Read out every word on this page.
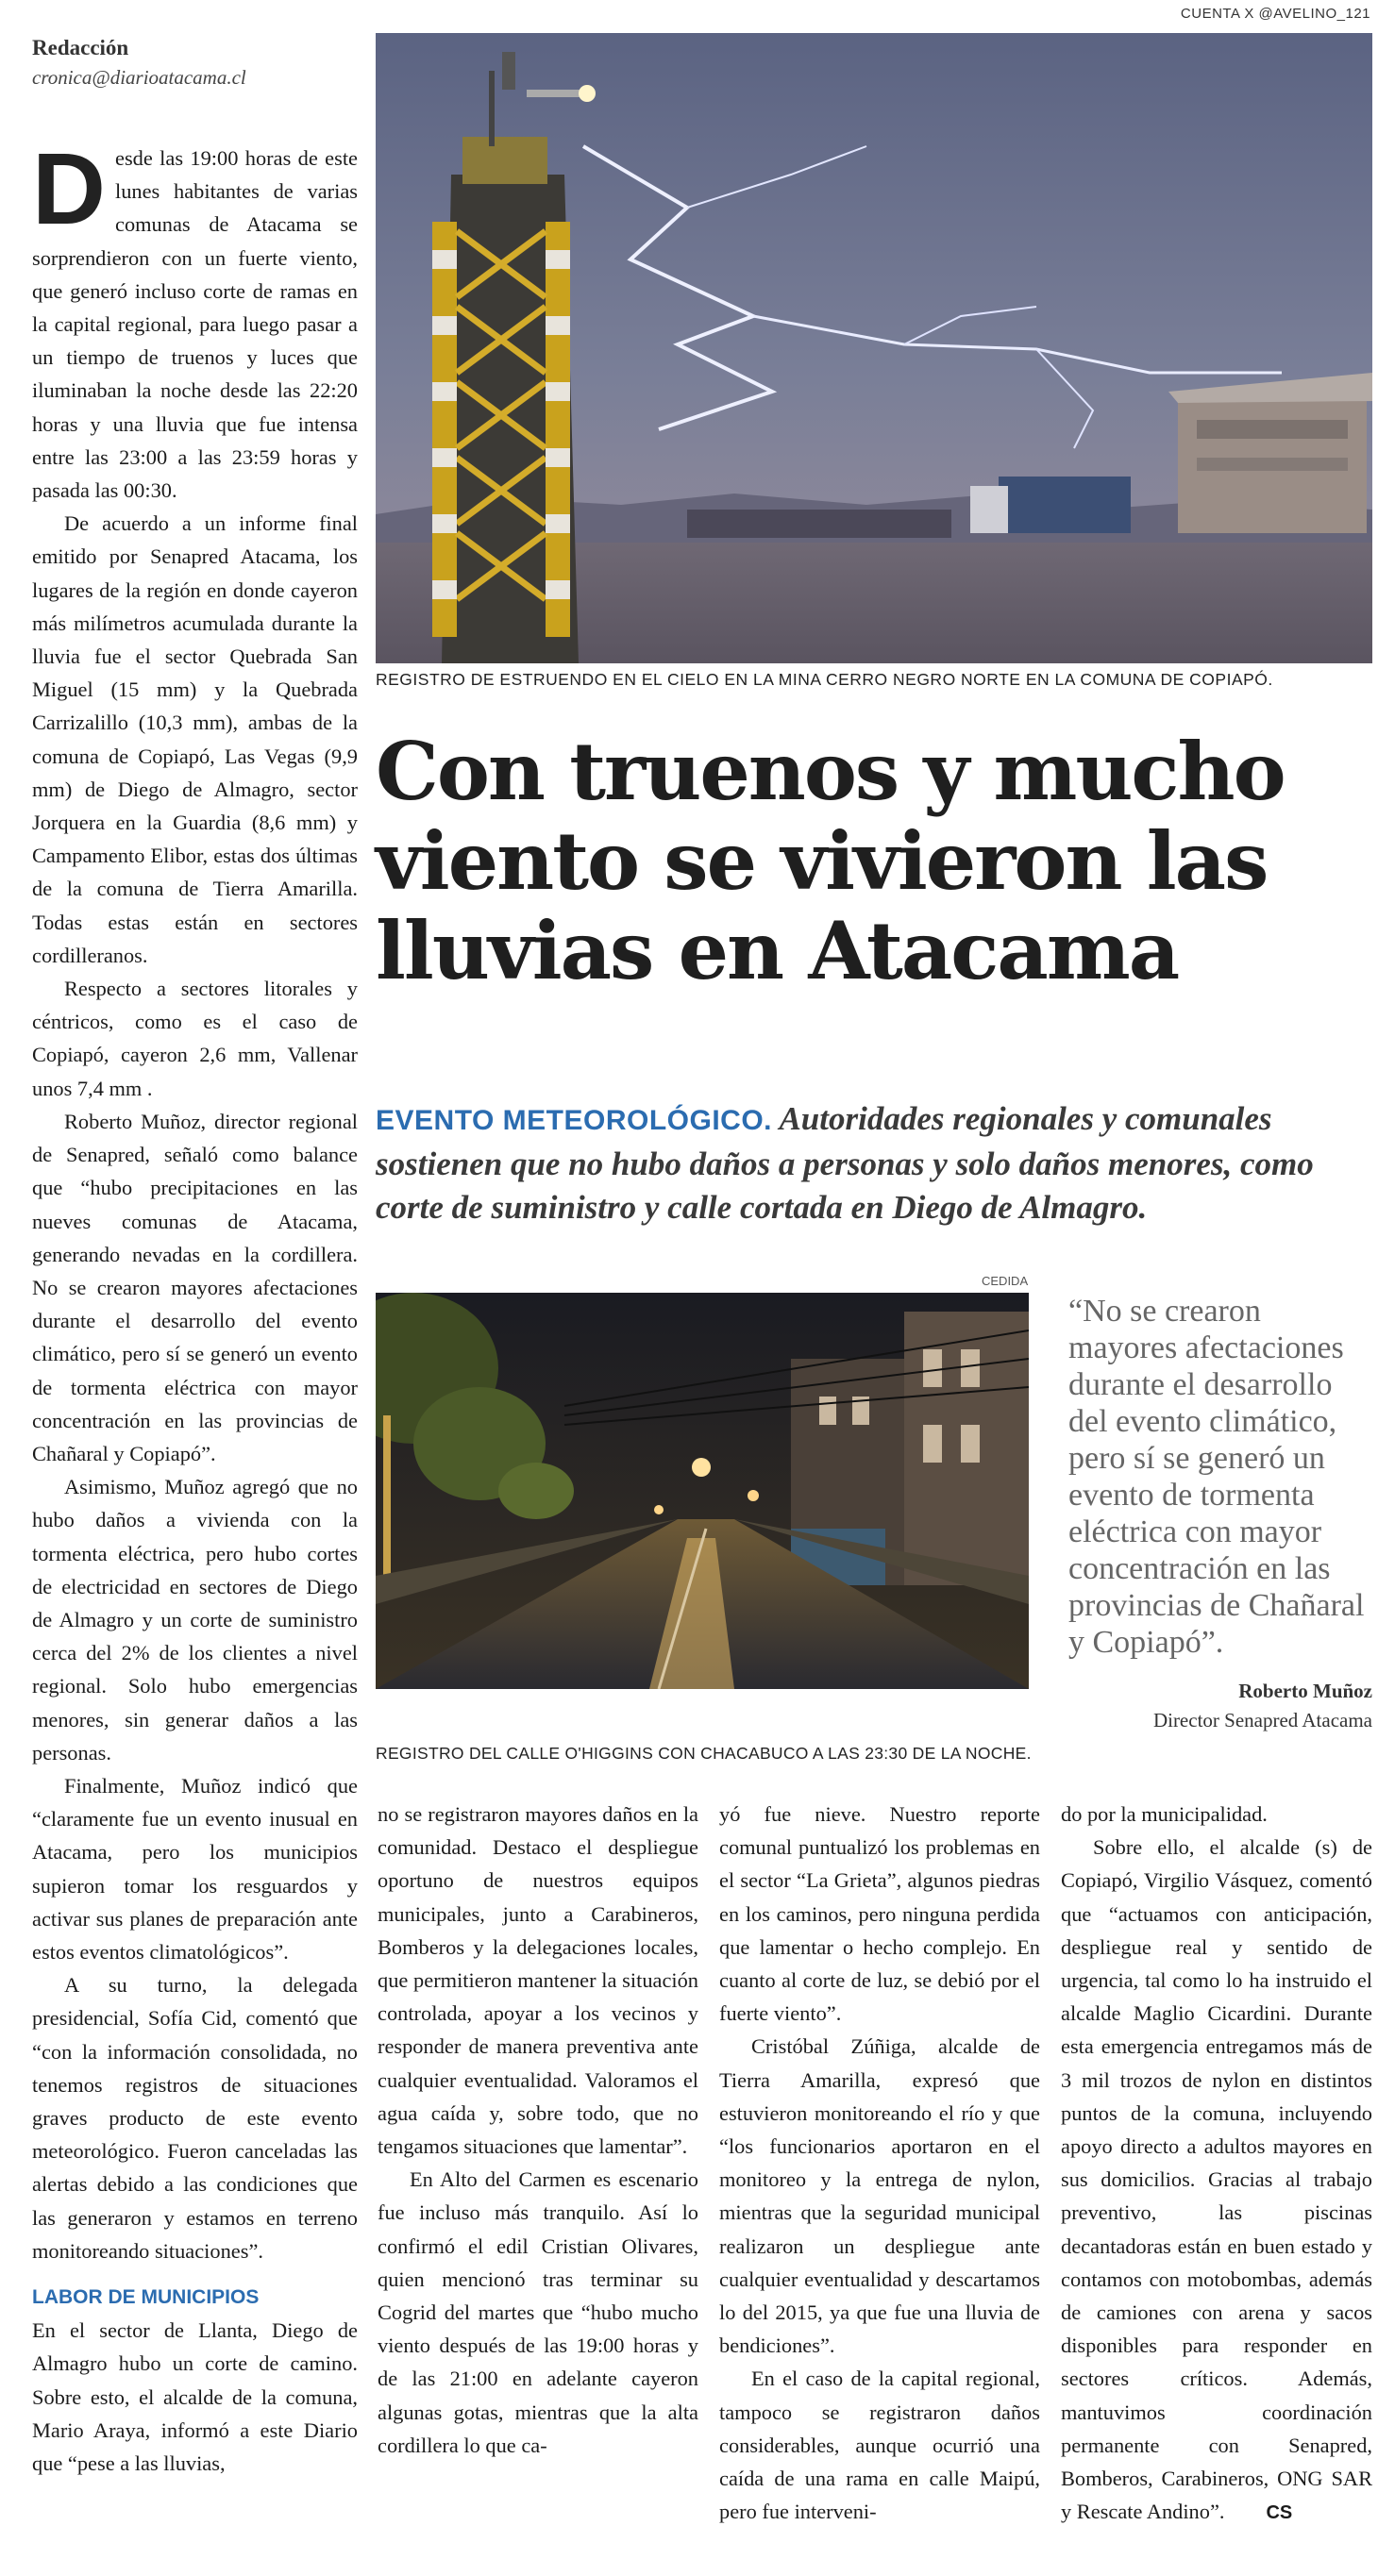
CUENTA X @AVELINO_121
Redacción
cronica@diarioatacama.cl
REGISTRO DE ESTRUENDO EN EL CIELO EN LA MINA CERRO NEGRO NORTE EN LA COMUNA DE COPIAPÓ.
Con truenos y mucho viento se vivieron las lluvias en Atacama
EVENTO METEOROLÓGICO. Autoridades regionales y comunales sostienen que no hubo daños a personas y solo daños menores, como corte de suministro y calle cortada en Diego de Almagro.
CEDIDA
REGISTRO DEL CALLE O'HIGGINS CON CHACABUCO A LAS 23:30 DE LA NOCHE.
“No se crearon mayores afectaciones durante el desarrollo del evento climático, pero sí se generó un evento de tormenta eléctrica con mayor concentración en las provincias de Chañaral y Copiapó”.
Roberto Muñoz
Director Senapred Atacama

Desde las 19:00 horas de este lunes habitantes de varias comunas de Atacama se sorprendieron con un fuerte viento, que generó incluso corte de ramas en la capital regional, para luego pasar a un tiempo de truenos y luces que iluminaban la noche desde las 22:20 horas y una lluvia que fue intensa entre las 23:00 a las 23:59 horas y pasada las 00:30.

De acuerdo a un informe final emitido por Senapred Atacama, los lugares de la región en donde cayeron más milímetros acumulada durante la lluvia fue el sector Quebrada San Miguel (15 mm) y la Quebrada Carrizalillo (10,3 mm), ambas de la comuna de Copiapó, Las Vegas (9,9 mm) de Diego de Almagro, sector Jorquera en la Guardia (8,6 mm) y Campamento Elibor, estas dos últimas de la comuna de Tierra Amarilla. Todas estas están en sectores cordilleranos.

Respecto a sectores litorales y céntricos, como es el caso de Copiapó, cayeron 2,6 mm, Vallenar unos 7,4 mm .

Roberto Muñoz, director regional de Senapred, señaló como balance que “hubo precipitaciones en las nueves comunas de Atacama, generando nevadas en la cordillera. No se crearon mayores afectaciones durante el desarrollo del evento climático, pero sí se generó un evento de tormenta eléctrica con mayor concentración en las provincias de Chañaral y Copiapó”.

Asimismo, Muñoz agregó que no hubo daños a vivienda con la tormenta eléctrica, pero hubo cortes de electricidad en sectores de Diego de Almagro y un corte de suministro cerca del 2% de los clientes a nivel regional. Solo hubo emergencias menores, sin generar daños a las personas.

Finalmente, Muñoz indicó que “claramente fue un evento inusual en Atacama, pero los municipios supieron tomar los resguardos y activar sus planes de preparación ante estos eventos climatológicos”.

A su turno, la delegada presidencial, Sofía Cid, comentó que “con la información consolidada, no tenemos registros de situaciones graves producto de este evento meteorológico. Fueron canceladas las alertas debido a las condiciones que las generaron y estamos en terreno monitoreando situaciones”.

LABOR DE MUNICIPIOS

En el sector de Llanta, Diego de Almagro hubo un corte de camino. Sobre esto, el alcalde de la comuna, Mario Araya, informó a este Diario que “pese a las lluvias,

no se registraron mayores daños en la comunidad. Destaco el despliegue oportuno de nuestros equipos municipales, junto a Carabineros, Bomberos y la delegaciones locales, que permitieron mantener la situación controlada, apoyar a los vecinos y responder de manera preventiva ante cualquier eventualidad. Valoramos el agua caída y, sobre todo, que no tengamos situaciones que lamentar”.

En Alto del Carmen es escenario fue incluso más tranquilo. Así lo confirmó el edil Cristian Olivares, quien mencionó tras terminar su Cogrid del martes que “hubo mucho viento después de las 19:00 horas y de las 21:00 en adelante cayeron algunas gotas, mientras que la alta cordillera lo que ca-

yó fue nieve. Nuestro reporte comunal puntualizó los problemas en el sector “La Grieta”, algunos piedras en los caminos, pero ninguna perdida que lamentar o hecho complejo. En cuanto al corte de luz, se debió por el fuerte viento”.

Cristóbal Zúñiga, alcalde de Tierra Amarilla, expresó que estuvieron monitoreando el río y que “los funcionarios aportaron en el monitoreo y la entrega de nylon, mientras que la seguridad municipal realizaron un despliegue ante cualquier eventualidad y descartamos lo del 2015, ya que fue una lluvia de bendiciones”.

En el caso de la capital regional, tampoco se registraron daños considerables, aunque ocurrió una caída de una rama en calle Maipú, pero fue interveni-

do por la municipalidad.

Sobre ello, el alcalde (s) de Copiapó, Virgilio Vásquez, comentó que “actuamos con anticipación, despliegue real y sentido de urgencia, tal como lo ha instruido el alcalde Maglio Cicardini. Durante esta emergencia entregamos más de 3 mil trozos de nylon en distintos puntos de la comuna, incluyendo apoyo directo a adultos mayores en sus domicilios. Gracias al trabajo preventivo, las piscinas decantadoras están en buen estado y contamos con motobombas, además de camiones con arena y sacos disponibles para responder en sectores críticos. Además, mantuvimos coordinación permanente con Senapred, Bomberos, Carabineros, ONG SAR y Rescate Andino”. CS
